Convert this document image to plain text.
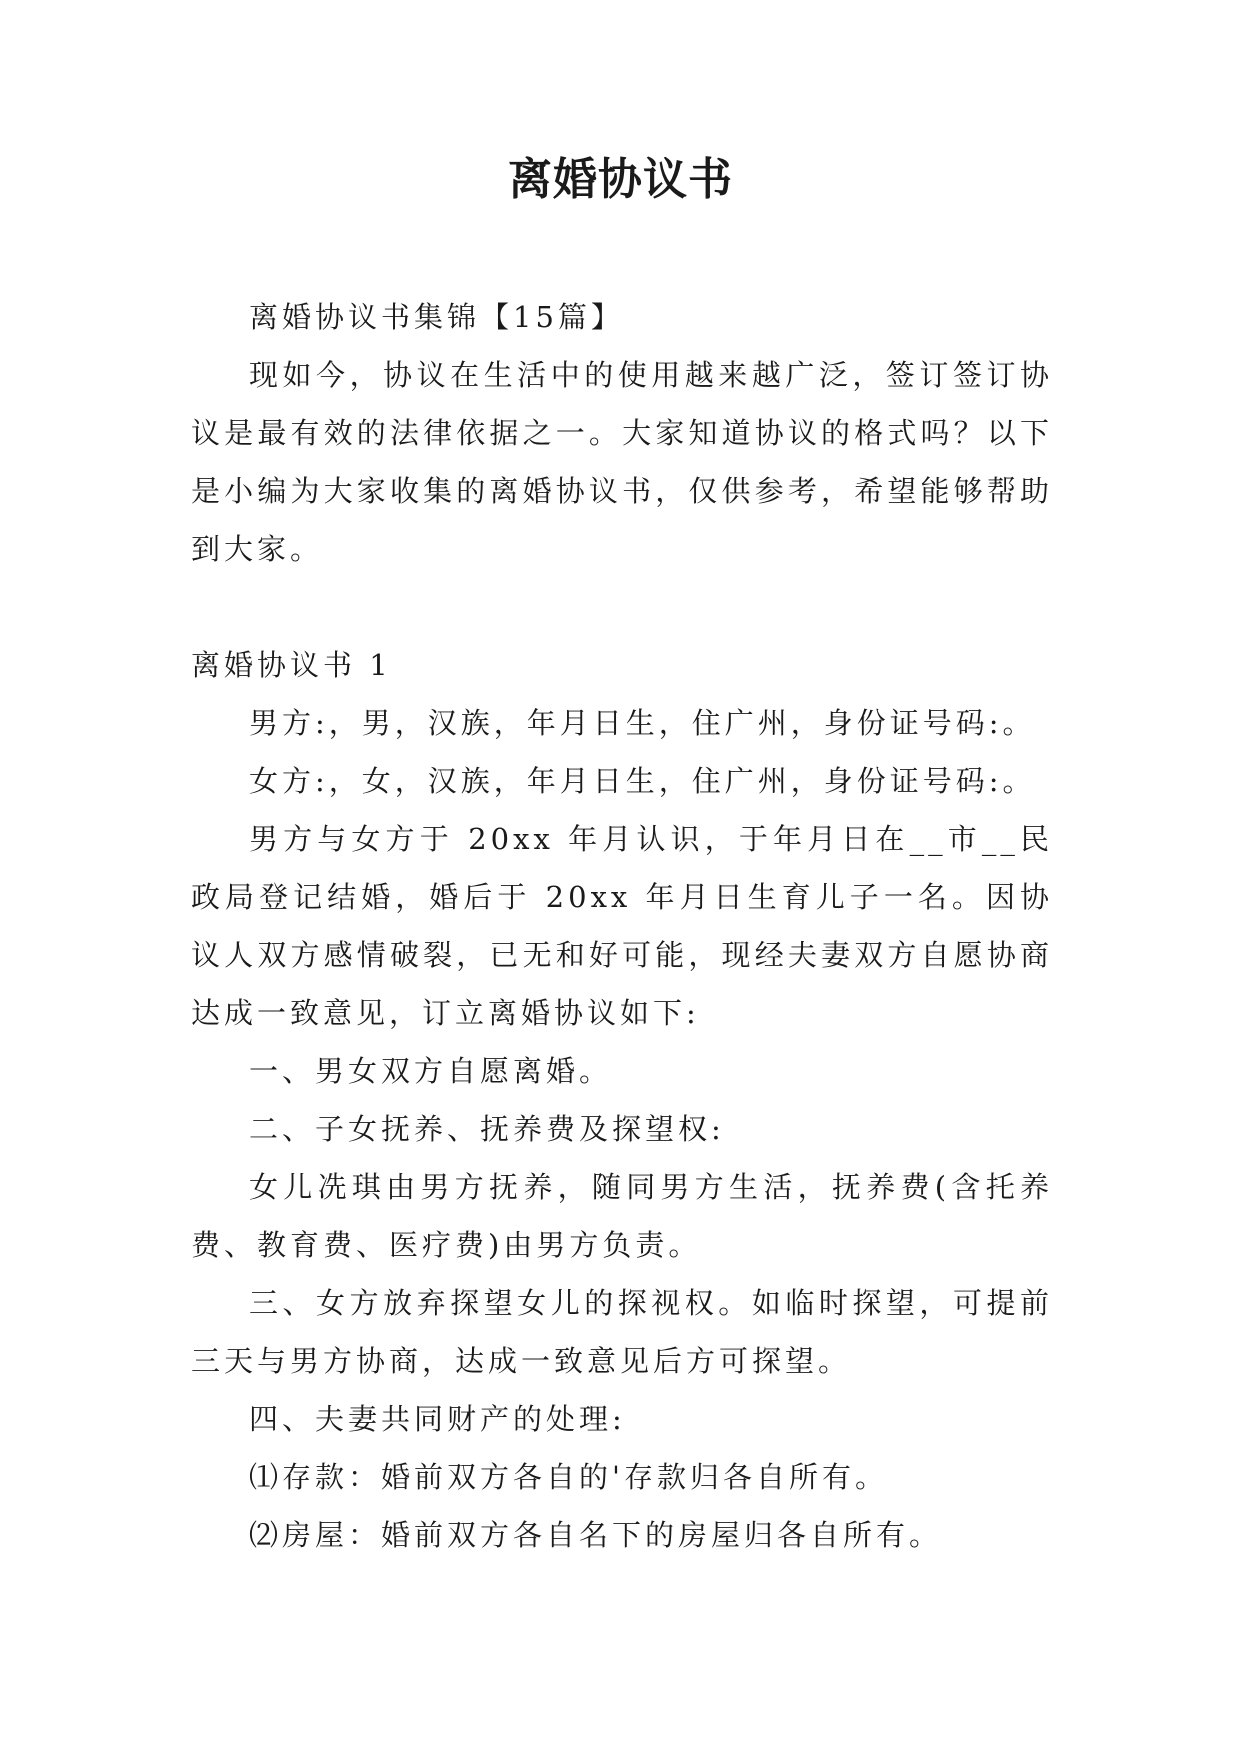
离婚协议书

离婚协议书集锦【15篇】

现如今，协议在生活中的使用越来越广泛，签订签订协议是最有效的法律依据之一。大家知道协议的格式吗？以下是小编为大家收集的离婚协议书，仅供参考，希望能够帮助到大家。

离婚协议书 1

男方:，男，汉族，年月日生，住广州，身份证号码:。

女方:，女，汉族，年月日生，住广州，身份证号码:。

男方与女方于 20xx 年月认识，于年月日在__市__民政局登记结婚，婚后于 20xx 年月日生育儿子一名。因协议人双方感情破裂，已无和好可能，现经夫妻双方自愿协商达成一致意见，订立离婚协议如下:

一、男女双方自愿离婚。

二、子女抚养、抚养费及探望权:

女儿冼琪由男方抚养，随同男方生活，抚养费(含托养费、教育费、医疗费)由男方负责。

三、女方放弃探望女儿的探视权。如临时探望，可提前三天与男方协商，达成一致意见后方可探望。

四、夫妻共同财产的处理:

⑴存款：婚前双方各自的'存款归各自所有。

⑵房屋：婚前双方各自名下的房屋归各自所有。
